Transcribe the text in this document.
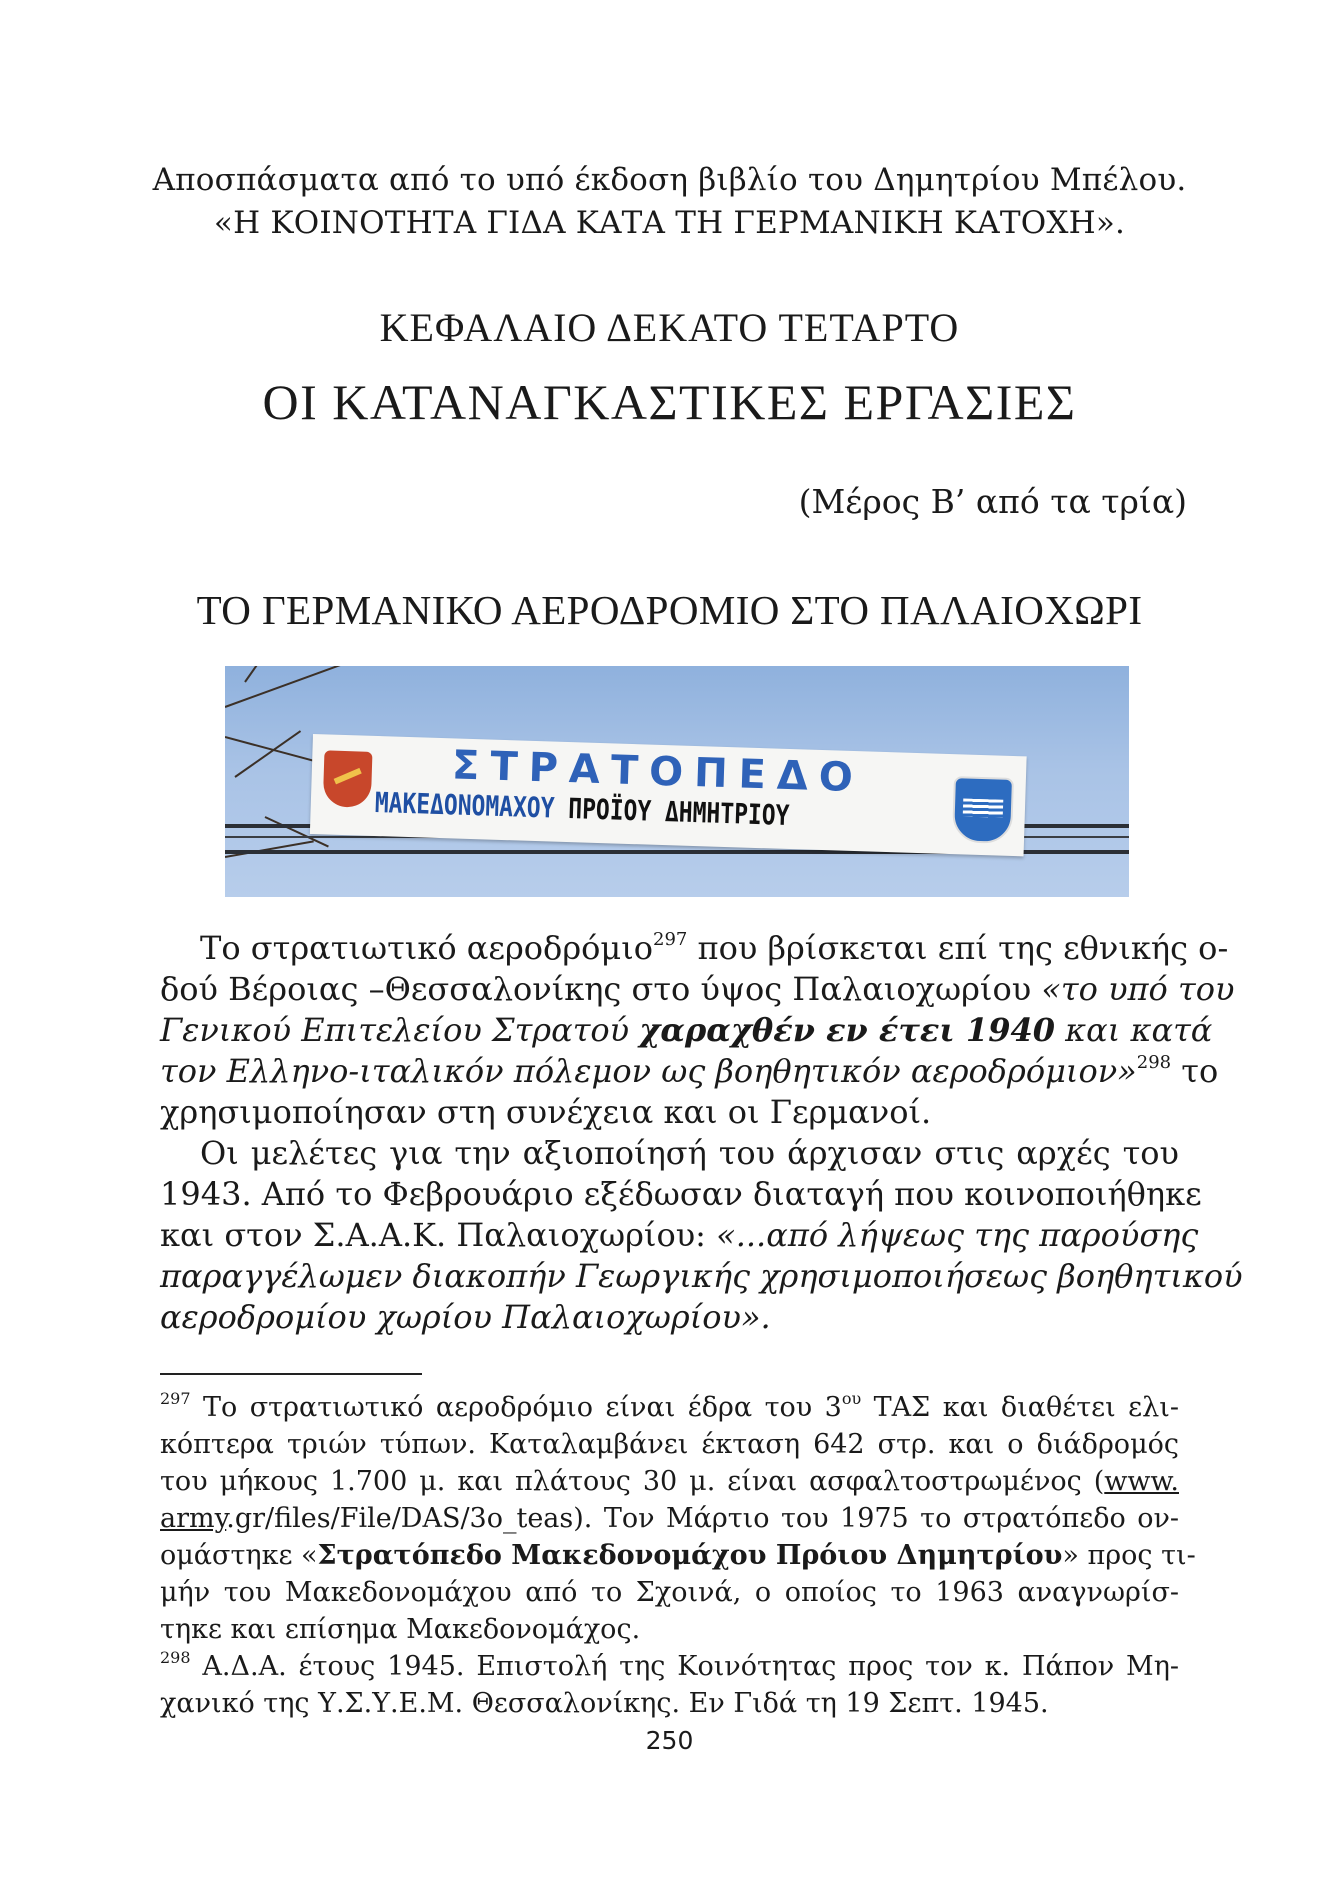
Αποσπάσματα από το υπό έκδοση βιβλίο του Δημητρίου Μπέλου.
«Η ΚΟΙΝΟΤΗΤΑ ΓΙΔΑ ΚΑΤΑ ΤΗ ΓΕΡΜΑΝΙΚΗ ΚΑΤΟΧΗ».
ΚΕΦΑΛΑΙΟ ΔΕΚΑΤΟ ΤΕΤΑΡΤΟ
ΟΙ ΚΑΤΑΝΑΓΚΑΣΤΙΚΕΣ ΕΡΓΑΣΙΕΣ
(Μέρος Β’ από τα τρία)
ΤΟ ΓΕΡΜΑΝΙΚΟ ΑΕΡΟΔΡΟΜΙΟ ΣΤΟ ΠΑΛΑΙΟΧΩΡΙ
ΣΤΡΑΤΟΠΕΔΟ
ΜΑΚΕΔΟΝΟΜΑΧΟΥ ΠΡΟΪΟΥ ΔΗΜΗΤΡΙΟΥ
Το στρατιωτικό αεροδρόμιο$^{297}$ που βρίσκεται επί της εθνικής ο-
δού Βέροιας –Θεσσαλονίκης στο ύψος Παλαιοχωρίου «το υπό του
Γενικού Επιτελείου Στρατού χαραχθέν εν έτει 1940 και κατά
τον Ελληνο-ιταλικόν πόλεμον ως βοηθητικόν αεροδρόμιον»$^{298}$ το
χρησιμοποίησαν στη συνέχεια και οι Γερμανοί.
Οι μελέτες για την αξιοποίησή του άρχισαν στις αρχές του
1943. Από το Φεβρουάριο εξέδωσαν διαταγή που κοινοποιήθηκε
και στον Σ.Α.Α.Κ. Παλαιοχωρίου: «...από λήψεως της παρούσης
παραγγέλωμεν διακοπήν Γεωργικής χρησιμοποιήσεως βοηθητικού
αεροδρομίου χωρίου Παλαιοχωρίου».
$^{297}$ Το στρατιωτικό αεροδρόμιο είναι έδρα του $3^{o\upsilon}$ ΤΑΣ και διαθέτει ελι-
κόπτερα τριών τύπων. Καταλαμβάνει έκταση 642 στρ. και ο διάδρομός
του μήκους 1.700 μ. και πλάτους 30 μ. είναι ασφαλτοστρωμένος (www.
army.gr/files/File/DAS/3o_teas). Τον Μάρτιο του 1975 το στρατόπεδο ον-
ομάστηκε «Στρατόπεδο Μακεδονομάχου Πρόιου Δημητρίου» προς τι-
μήν του Μακεδονομάχου από το Σχοινά, ο οποίος το 1963 αναγνωρίσ-
τηκε και επίσημα Μακεδονομάχος.
$^{298}$ Α.Δ.Α. έτους 1945. Επιστολή της Κοινότητας προς τον κ. Πάπον Μη-
χανικό της Υ.Σ.Υ.Ε.Μ. Θεσσαλονίκης. Εν Γιδά τη 19 Σεπτ. 1945.
250
